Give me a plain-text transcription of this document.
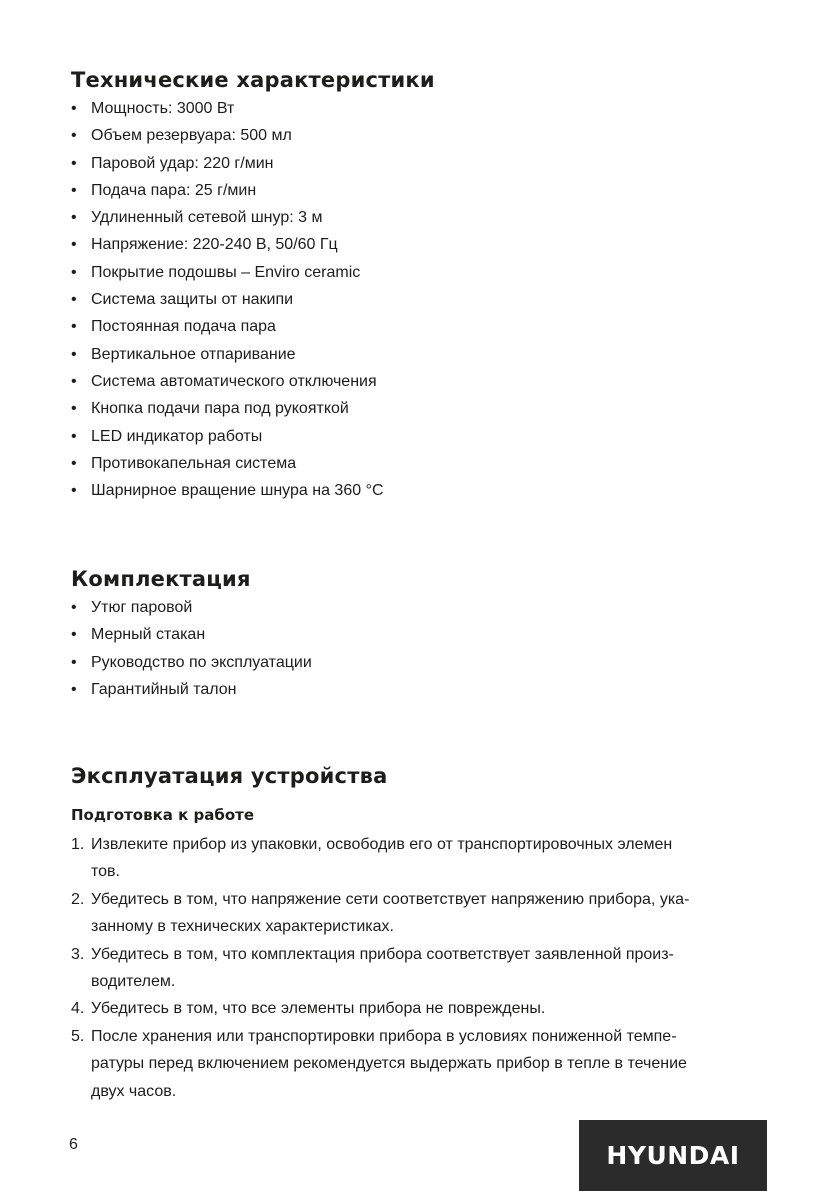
Технические характеристики
• Мощность: 3000 Вт
• Объем резервуара: 500 мл
• Паровой удар: 220 г/мин
• Подача пара: 25 г/мин
• Удлиненный сетевой шнур: 3 м
• Напряжение: 220-240 В, 50/60 Гц
• Покрытие подошвы – Enviro ceramic
• Система защиты от накипи
• Постоянная подача пара
• Вертикальное отпаривание
• Система автоматического отключения
• Кнопка подачи пара под рукояткой
• LED индикатор работы
• Противокапельная система
• Шарнирное вращение шнура на 360 °С
Комплектация
• Утюг паровой
• Мерный стакан
• Руководство по эксплуатации
• Гарантийный талон
Эксплуатация устройства
Подготовка к работе
1. Извлеките прибор из упаковки, освободив его от транспортировочных элемен
тов.
2. Убедитесь в том, что напряжение сети соответствует напряжению прибора, ука-
занному в технических характеристиках.
3. Убедитесь в том, что комплектация прибора соответствует заявленной произ-
водителем.
4. Убедитесь в том, что все элементы прибора не повреждены.
5. После хранения или транспортировки прибора в условиях пониженной темпе-
ратуры перед включением рекомендуется выдержать прибор в тепле в течение
двух часов.
6	HYUNDAI
